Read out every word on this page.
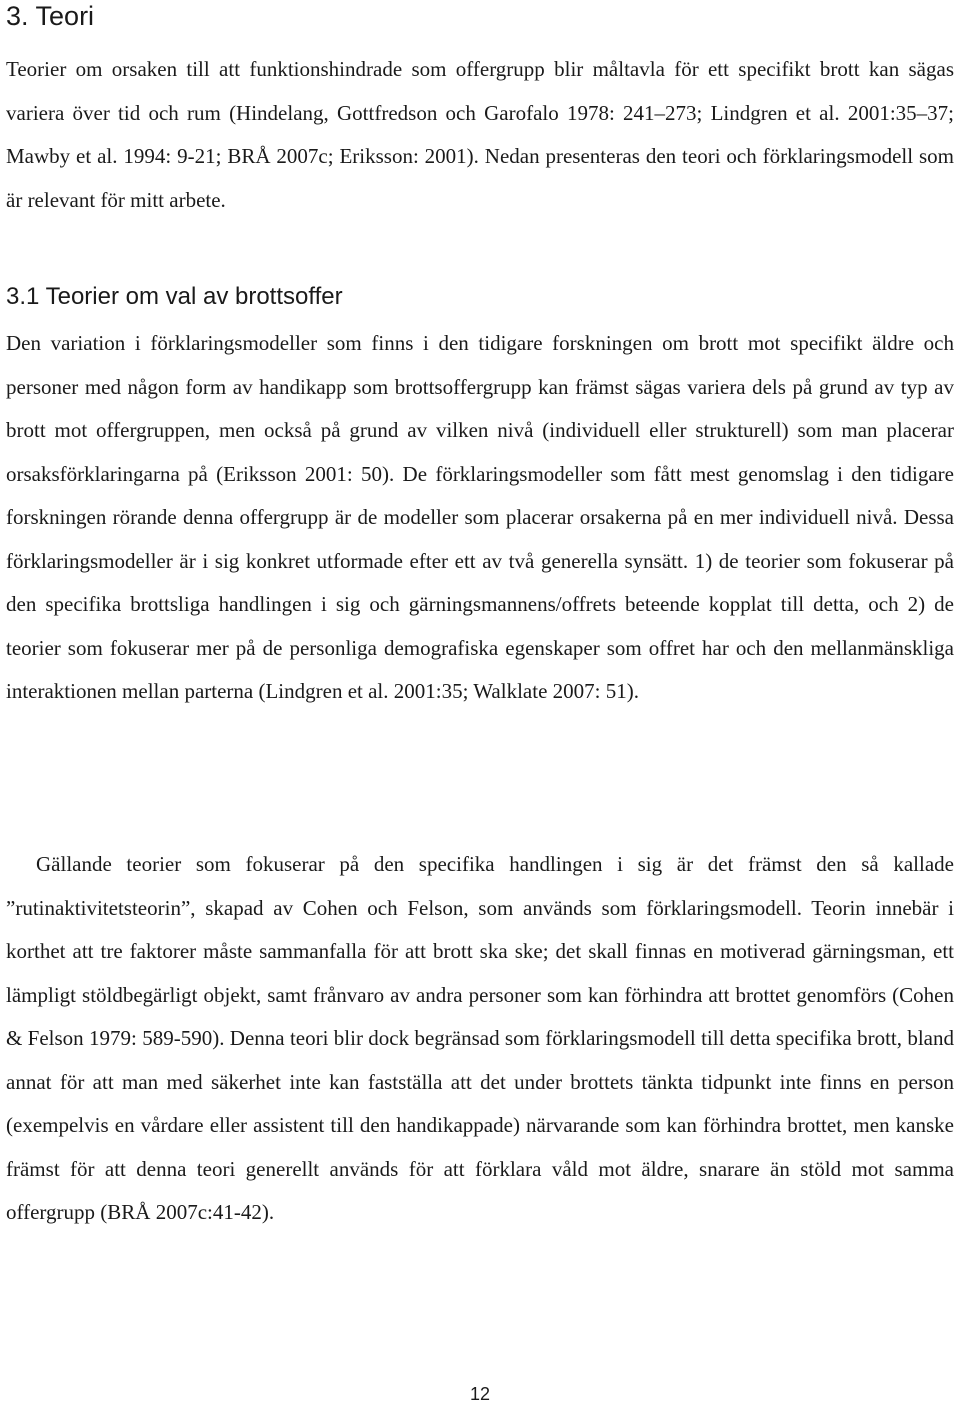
3. Teori

Teorier om orsaken till att funktionshindrade som offergrupp blir måltavla för ett specifikt brott kan sägas variera över tid och rum (Hindelang, Gottfredson och Garofalo 1978: 241–273; Lindgren et al. 2001:35–37; Mawby et al. 1994: 9-21; BRÅ 2007c; Eriksson: 2001). Nedan presenteras den teori och förklaringsmodell som är relevant för mitt arbete.

3.1 Teorier om val av brottsoffer

Den variation i förklaringsmodeller som finns i den tidigare forskningen om brott mot specifikt äldre och personer med någon form av handikapp som brottsoffergrupp kan främst sägas variera dels på grund av typ av brott mot offergruppen, men också på grund av vilken nivå (individuell eller strukturell) som man placerar orsaksförklaringarna på (Eriksson 2001: 50). De förklaringsmodeller som fått mest genomslag i den tidigare forskningen rörande denna offergrupp är de modeller som placerar orsakerna på en mer individuell nivå. Dessa förklaringsmodeller är i sig konkret utformade efter ett av två generella synsätt. 1) de teorier som fokuserar på den specifika brottsliga handlingen i sig och gärningsmannens/offrets beteende kopplat till detta, och 2) de teorier som fokuserar mer på de personliga demografiska egenskaper som offret har och den mellanmänskliga interaktionen mellan parterna (Lindgren et al. 2001:35; Walklate 2007: 51).

Gällande teorier som fokuserar på den specifika handlingen i sig är det främst den så kallade ”rutinaktivitetsteorin”, skapad av Cohen och Felson, som används som förklaringsmodell. Teorin innebär i korthet att tre faktorer måste sammanfalla för att brott ska ske; det skall finnas en motiverad gärningsman, ett lämpligt stöldbegärligt objekt, samt frånvaro av andra personer som kan förhindra att brottet genomförs (Cohen & Felson 1979: 589-590). Denna teori blir dock begränsad som förklaringsmodell till detta specifika brott, bland annat för att man med säkerhet inte kan fastställa att det under brottets tänkta tidpunkt inte finns en person (exempelvis en vårdare eller assistent till den handikappade) närvarande som kan förhindra brottet, men kanske främst för att denna teori generellt används för att förklara våld mot äldre, snarare än stöld mot samma offergrupp (BRÅ 2007c:41-42).

12
